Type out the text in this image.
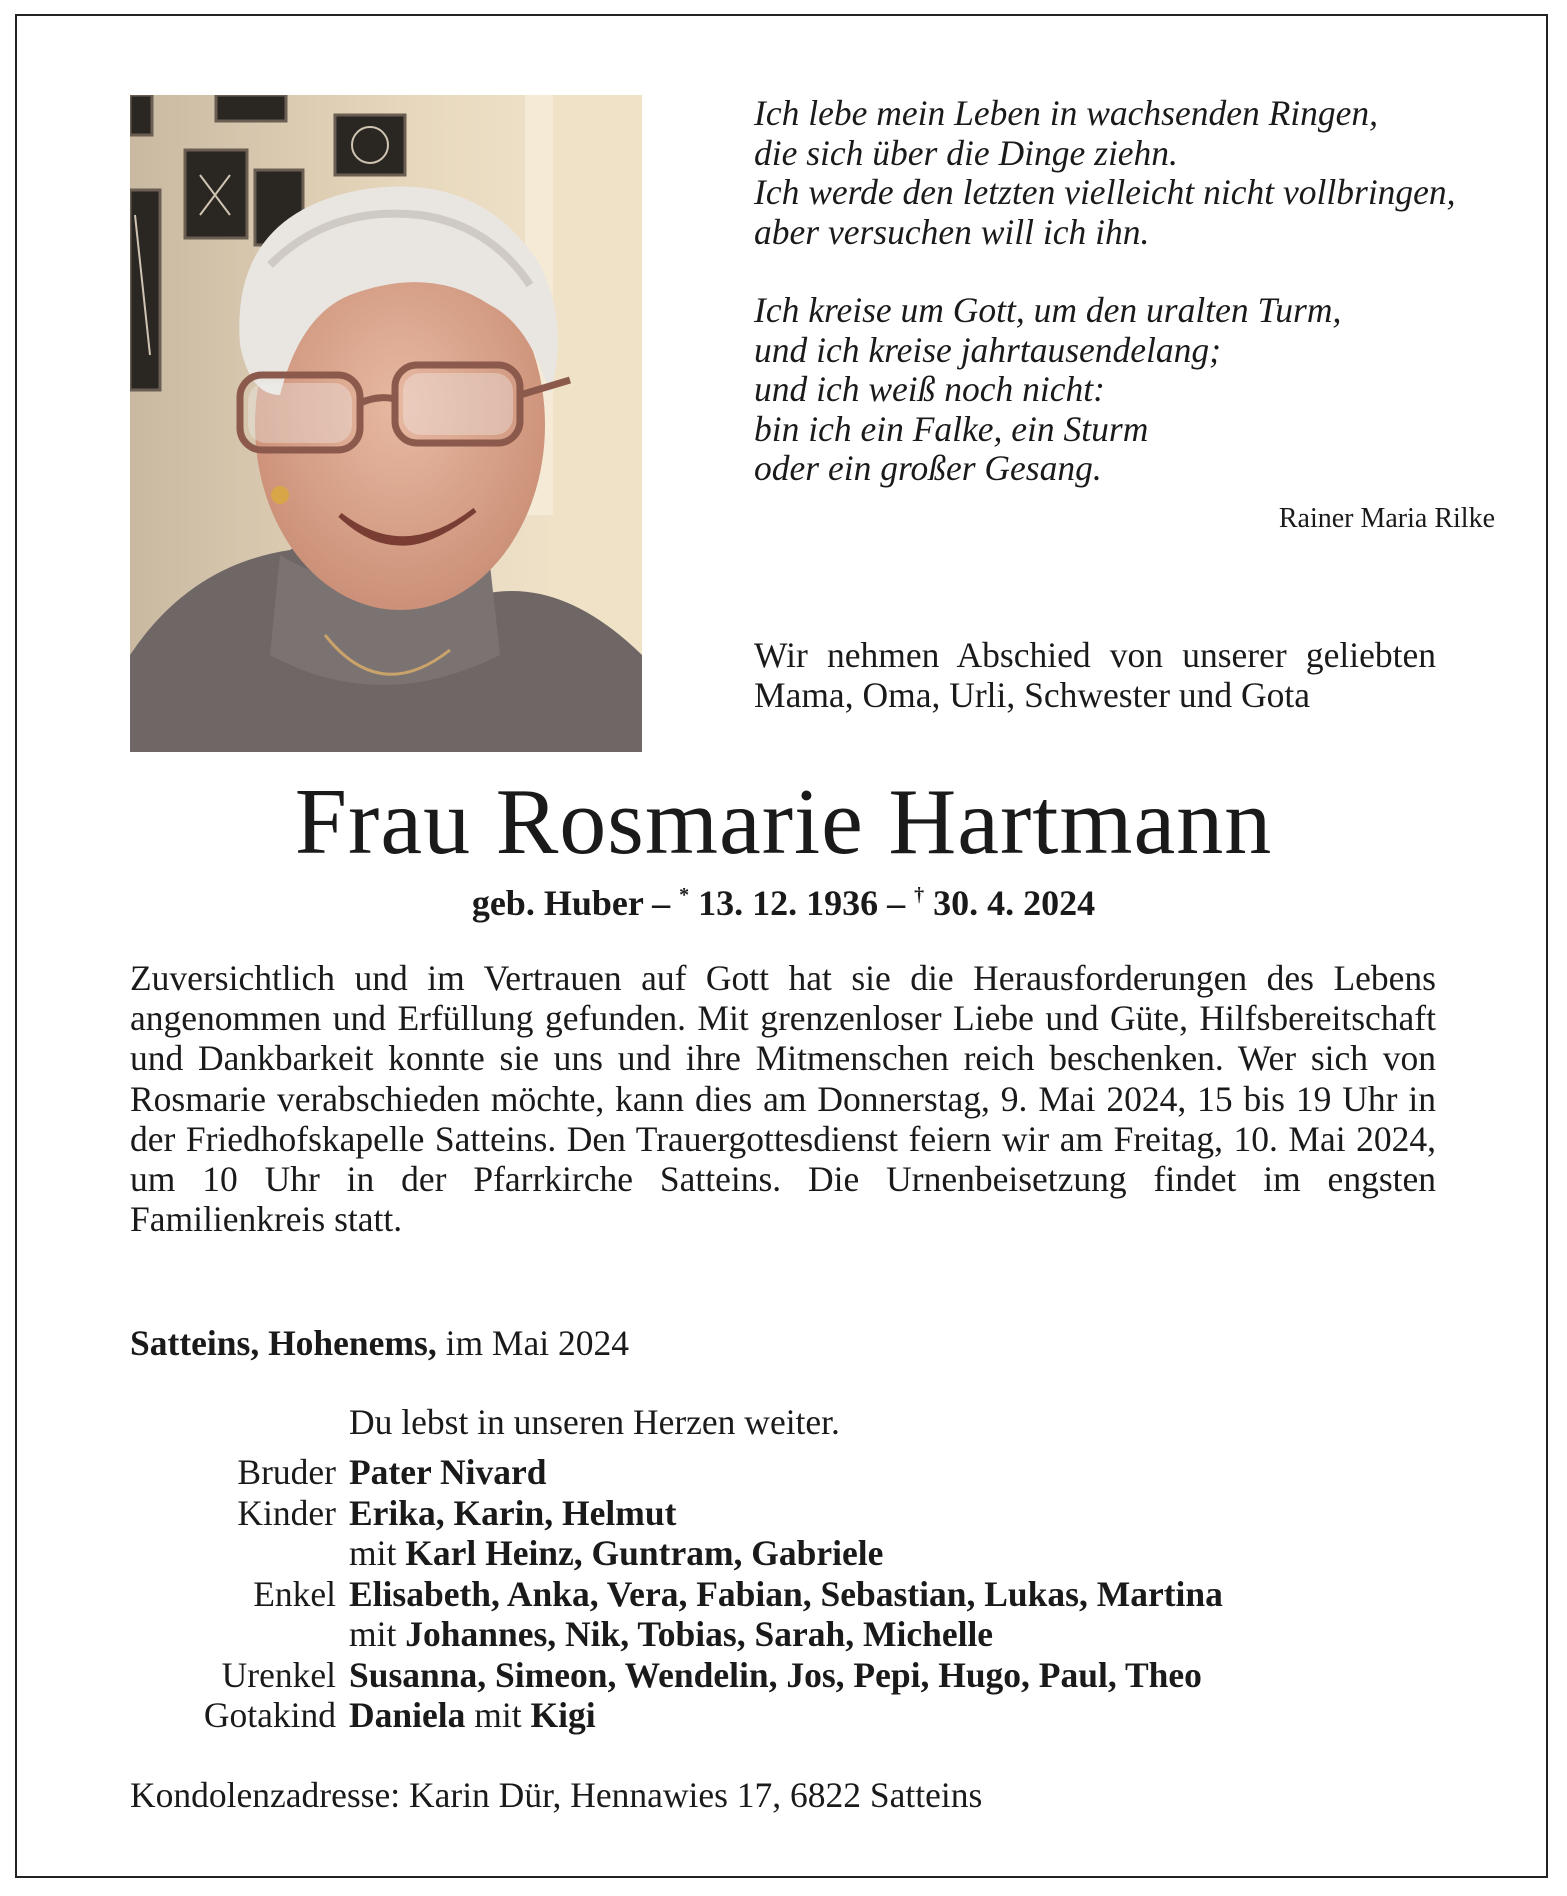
Ich lebe mein Leben in wachsenden Ringen,
die sich über die Dinge ziehn.
Ich werde den letzten vielleicht nicht vollbringen,
aber versuchen will ich ihn.
Ich kreise um Gott, um den uralten Turm,
und ich kreise jahrtausendelang;
und ich weiß noch nicht:
bin ich ein Falke, ein Sturm
oder ein großer Gesang.
Rainer Maria Rilke
Wir nehmen Abschied von unserer geliebten Mama, Oma, Urli, Schwester und Gota
Frau Rosmarie Hartmann
geb. Huber – * 13. 12. 1936 – † 30. 4. 2024
Zuversichtlich und im Vertrauen auf Gott hat sie die Herausforderungen des Lebens angenommen und Erfüllung gefunden. Mit grenzenloser Liebe und Güte, Hilfsbereitschaft und Dankbarkeit konnte sie uns und ihre Mitmenschen reich beschenken. Wer sich von Rosmarie verabschieden möchte, kann dies am Donnerstag, 9. Mai 2024, 15 bis 19 Uhr in der Friedhofskapelle Satteins. Den Trauergottesdienst feiern wir am Freitag, 10. Mai 2024, um 10 Uhr in der Pfarrkirche Satteins. Die Urnenbeisetzung findet im engsten Familienkreis statt.
Satteins, Hohenems, im Mai 2024
Du lebst in unseren Herzen weiter.
Bruder Pater Nivard
Kinder Erika, Karin, Helmut
mit Karl Heinz, Guntram, Gabriele
Enkel Elisabeth, Anka, Vera, Fabian, Sebastian, Lukas, Martina
mit Johannes, Nik, Tobias, Sarah, Michelle
Urenkel Susanna, Simeon, Wendelin, Jos, Pepi, Hugo, Paul, Theo
Gotakind Daniela mit Kigi
Kondolenzadresse: Karin Dür, Hennawies 17, 6822 Satteins
